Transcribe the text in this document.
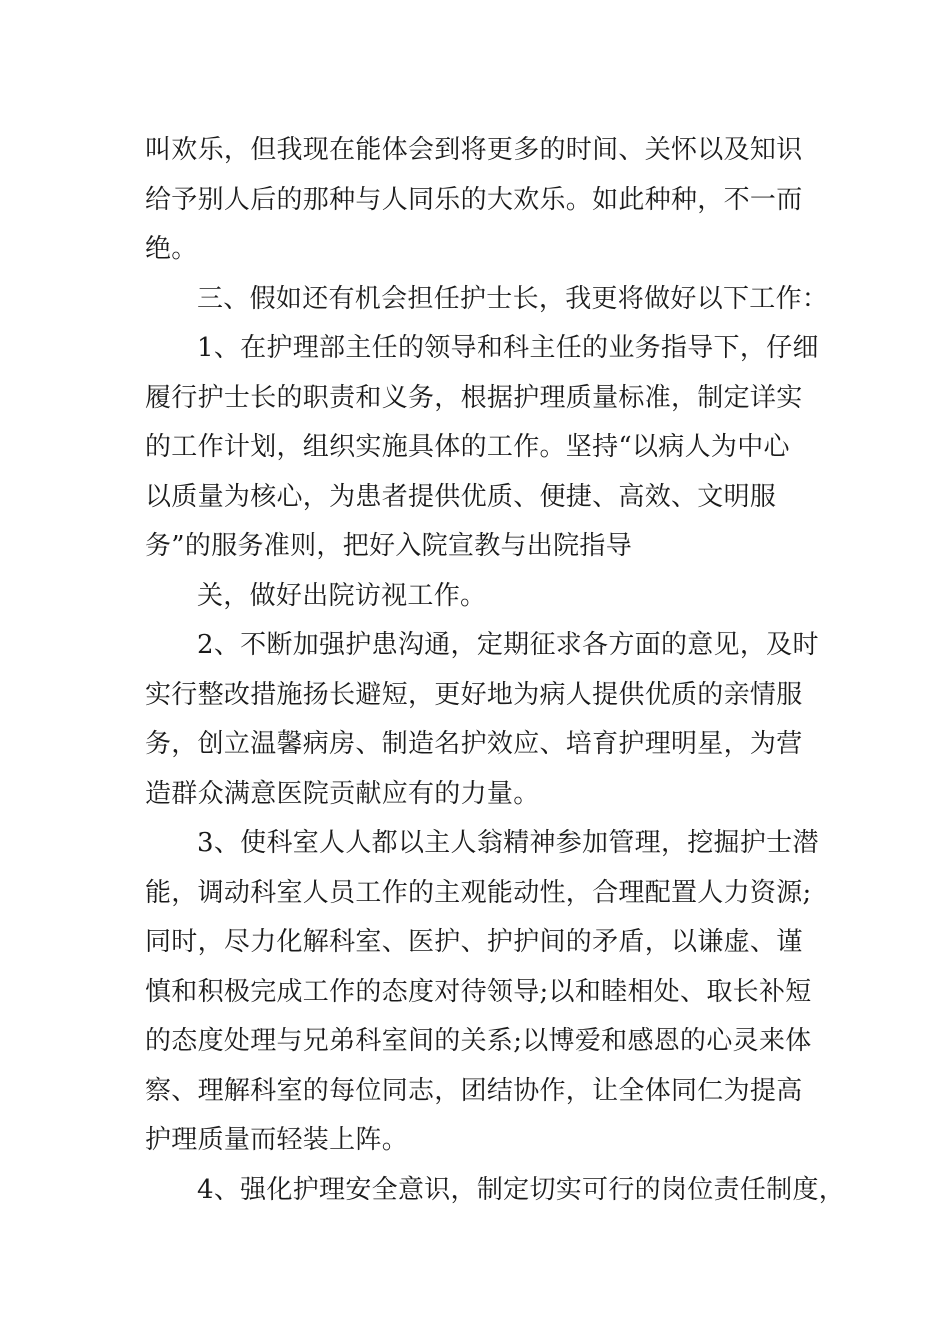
叫欢乐，但我现在能体会到将更多的时间、关怀以及知识
给予别人后的那种与人同乐的大欢乐。如此种种，不一而
绝。
三、假如还有机会担任护士长，我更将做好以下工作：
1、在护理部主任的领导和科主任的业务指导下，仔细
履行护士长的职责和义务，根据护理质量标准，制定详实
的工作计划，组织实施具体的工作。坚持“以病人为中心
以质量为核心，为患者提供优质、便捷、高效、文明服
务”的服务准则，把好入院宣教与出院指导
关，做好出院访视工作。
2、不断加强护患沟通，定期征求各方面的意见，及时
实行整改措施扬长避短，更好地为病人提供优质的亲情服
务，创立温馨病房、制造名护效应、培育护理明星，为营
造群众满意医院贡献应有的力量。
3、使科室人人都以主人翁精神参加管理，挖掘护士潜
能，调动科室人员工作的主观能动性，合理配置人力资源;
同时，尽力化解科室、医护、护护间的矛盾，以谦虚、谨
慎和积极完成工作的态度对待领导;以和睦相处、取长补短
的态度处理与兄弟科室间的关系;以博爱和感恩的心灵来体
察、理解科室的每位同志，团结协作，让全体同仁为提高
护理质量而轻装上阵。
4、强化护理安全意识，制定切实可行的岗位责任制度，
